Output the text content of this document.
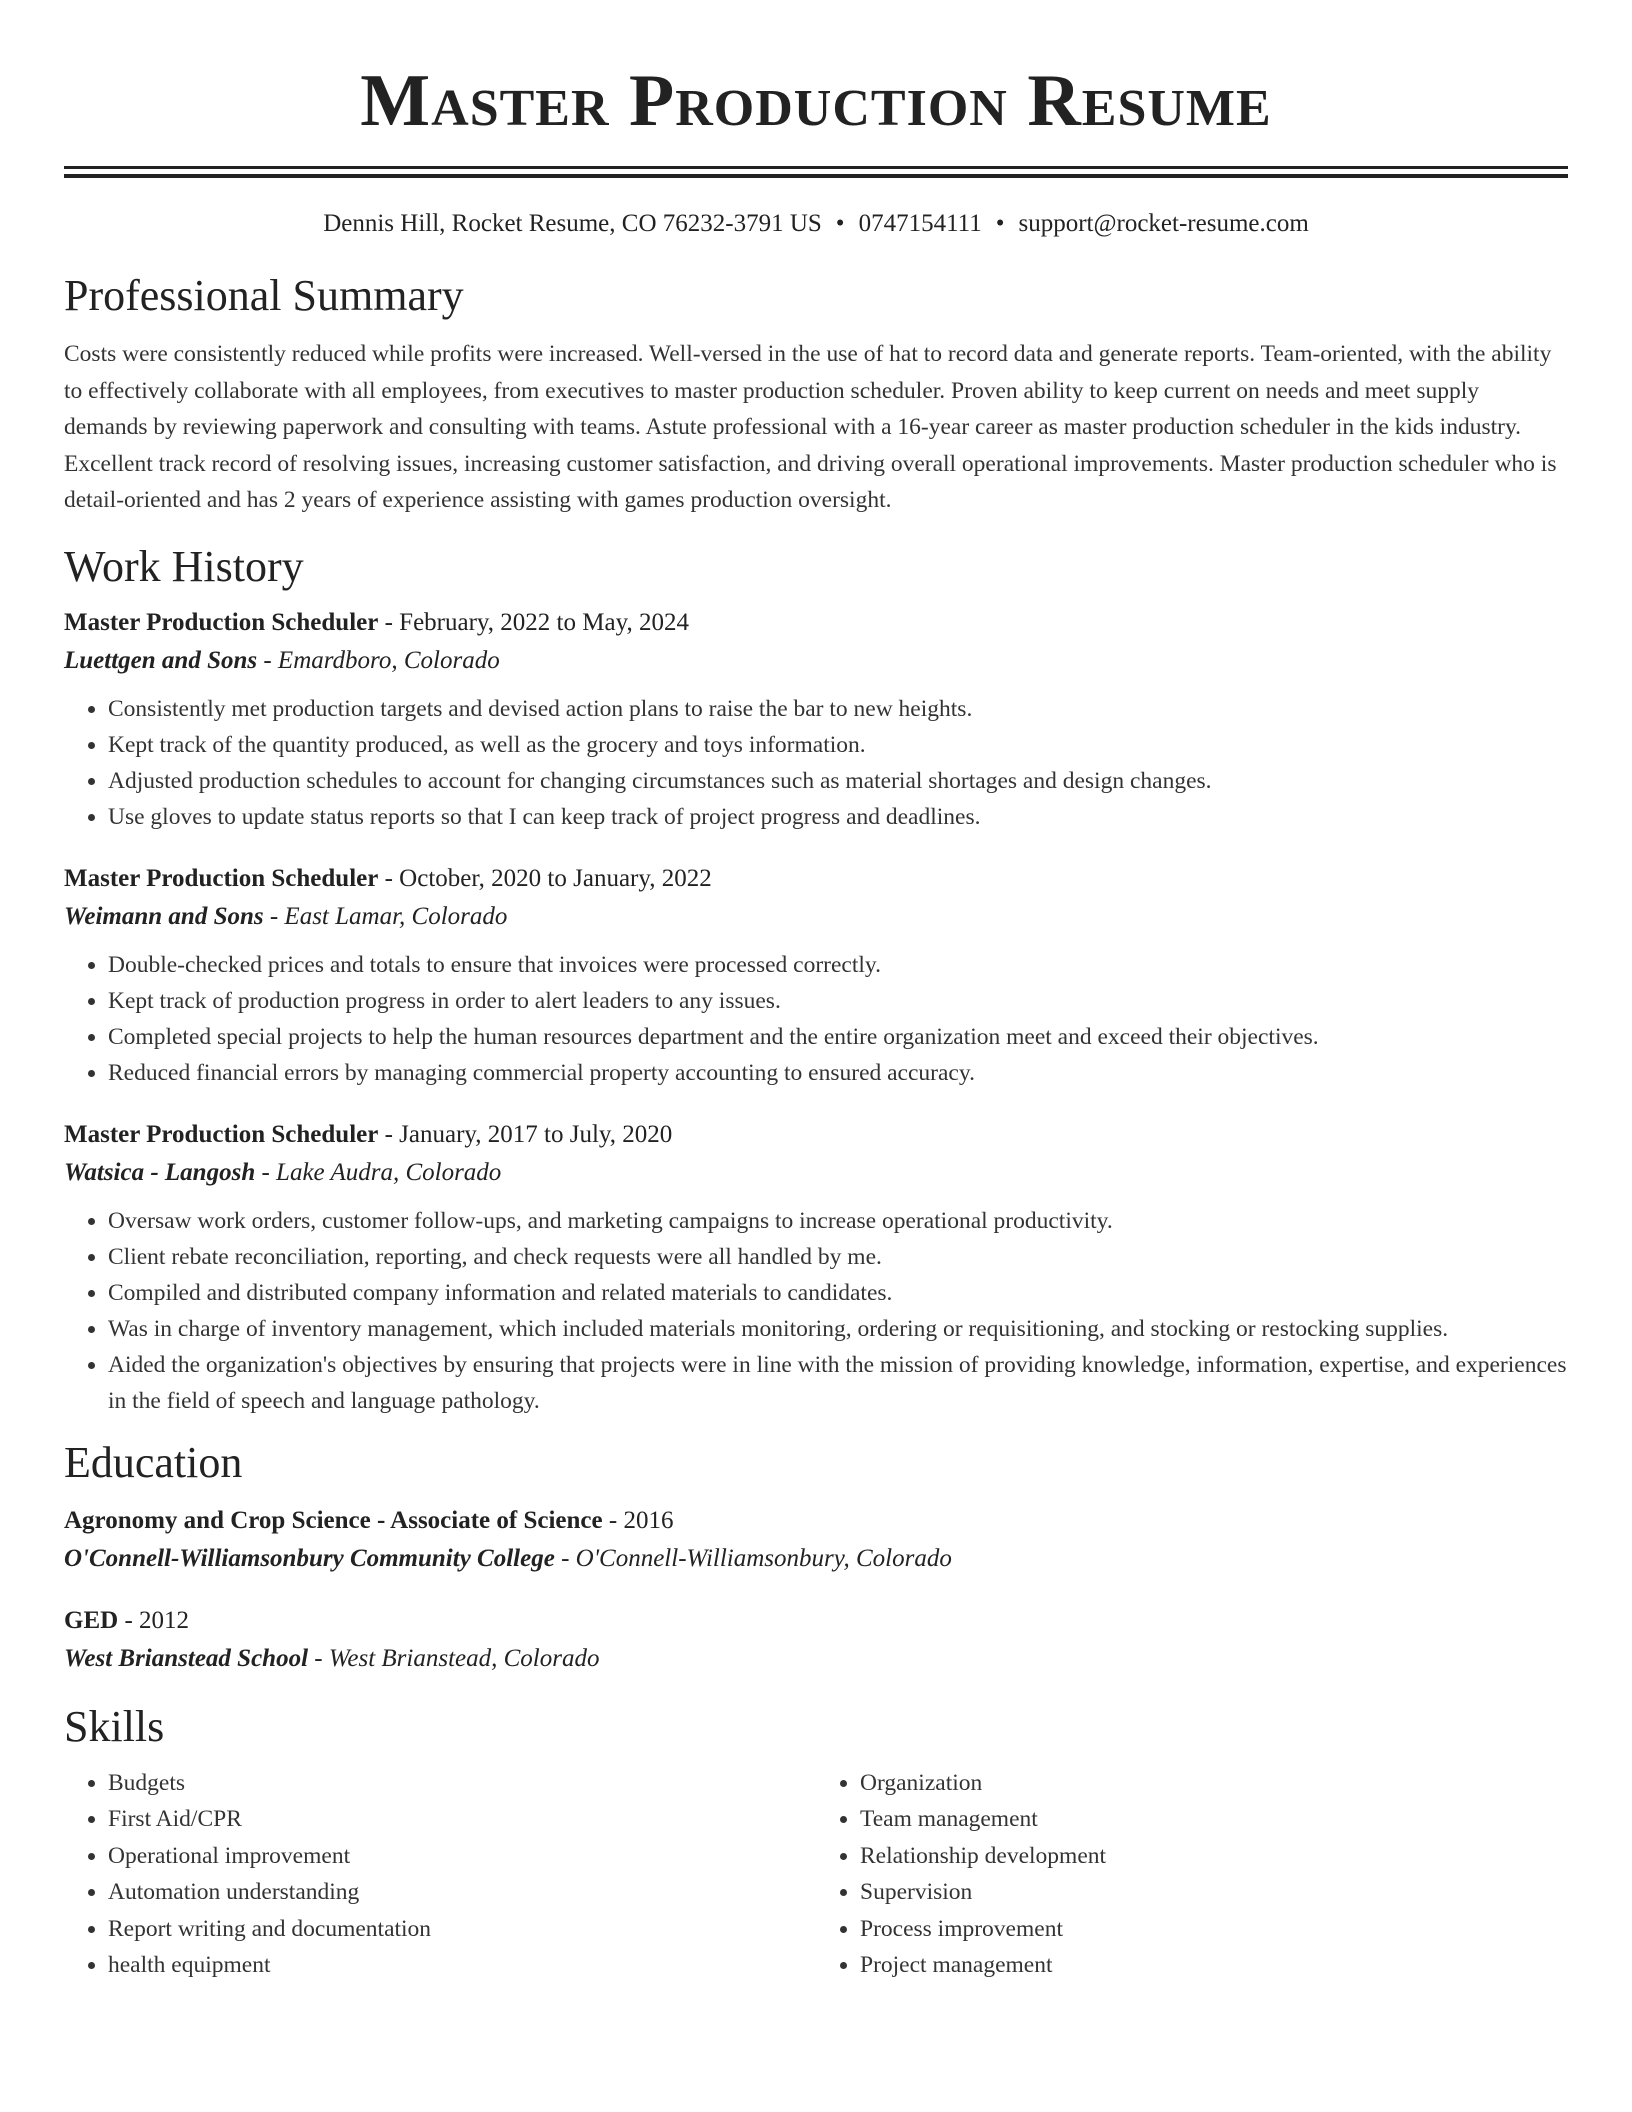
Master Production Resume
Dennis Hill, Rocket Resume, CO 76232-3791 US • 0747154111 • support@rocket-resume.com
Professional Summary

Costs were consistently reduced while profits were increased. Well-versed in the use of hat to record data and generate reports. Team-oriented, with the ability to effectively collaborate with all employees, from executives to master production scheduler. Proven ability to keep current on needs and meet supply demands by reviewing paperwork and consulting with teams. Astute professional with a 16-year career as master production scheduler in the kids industry. Excellent track record of resolving issues, increasing customer satisfaction, and driving overall operational improvements. Master production scheduler who is detail-oriented and has 2 years of experience assisting with games production oversight.

Work History
Master Production Scheduler - February, 2022 to May, 2024
Luettgen and Sons - Emardboro, Colorado
• Consistently met production targets and devised action plans to raise the bar to new heights.
• Kept track of the quantity produced, as well as the grocery and toys information.
• Adjusted production schedules to account for changing circumstances such as material shortages and design changes.
• Use gloves to update status reports so that I can keep track of project progress and deadlines.
Master Production Scheduler - October, 2020 to January, 2022
Weimann and Sons - East Lamar, Colorado
• Double-checked prices and totals to ensure that invoices were processed correctly.
• Kept track of production progress in order to alert leaders to any issues.
• Completed special projects to help the human resources department and the entire organization meet and exceed their objectives.
• Reduced financial errors by managing commercial property accounting to ensured accuracy.
Master Production Scheduler - January, 2017 to July, 2020
Watsica - Langosh - Lake Audra, Colorado
• Oversaw work orders, customer follow-ups, and marketing campaigns to increase operational productivity.
• Client rebate reconciliation, reporting, and check requests were all handled by me.
• Compiled and distributed company information and related materials to candidates.
• Was in charge of inventory management, which included materials monitoring, ordering or requisitioning, and stocking or restocking supplies.
• Aided the organization's objectives by ensuring that projects were in line with the mission of providing knowledge, information, expertise, and experiences in the field of speech and language pathology.
Education
Agronomy and Crop Science - Associate of Science - 2016
O'Connell-Williamsonbury Community College - O'Connell-Williamsonbury, Colorado
GED - 2012
West Brianstead School - West Brianstead, Colorado
Skills
• Budgets
• First Aid/CPR
• Operational improvement
• Automation understanding
• Report writing and documentation
• health equipment
• Organization
• Team management
• Relationship development
• Supervision
• Process improvement
• Project management
